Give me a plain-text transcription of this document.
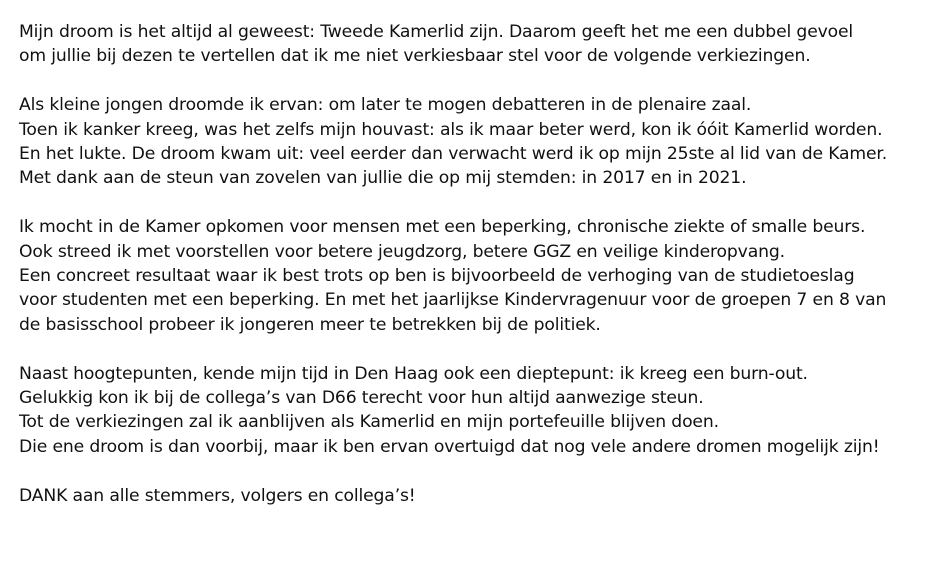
Mijn droom is het altijd al geweest: Tweede Kamerlid zijn. Daarom geeft het me een dubbel gevoel
om jullie bij dezen te vertellen dat ik me niet verkiesbaar stel voor de volgende verkiezingen.

Als kleine jongen droomde ik ervan: om later te mogen debatteren in de plenaire zaal.
Toen ik kanker kreeg, was het zelfs mijn houvast: als ik maar beter werd, kon ik óóit Kamerlid worden.
En het lukte. De droom kwam uit: veel eerder dan verwacht werd ik op mijn 25ste al lid van de Kamer.
Met dank aan de steun van zovelen van jullie die op mij stemden: in 2017 en in 2021.

Ik mocht in de Kamer opkomen voor mensen met een beperking, chronische ziekte of smalle beurs.
Ook streed ik met voorstellen voor betere jeugdzorg, betere GGZ en veilige kinderopvang.
Een concreet resultaat waar ik best trots op ben is bijvoorbeeld de verhoging van de studietoeslag
voor studenten met een beperking. En met het jaarlijkse Kindervragenuur voor de groepen 7 en 8 van
de basisschool probeer ik jongeren meer te betrekken bij de politiek.

Naast hoogtepunten, kende mijn tijd in Den Haag ook een dieptepunt: ik kreeg een burn-out.
Gelukkig kon ik bij de collega’s van D66 terecht voor hun altijd aanwezige steun.
Tot de verkiezingen zal ik aanblijven als Kamerlid en mijn portefeuille blijven doen.
Die ene droom is dan voorbij, maar ik ben ervan overtuigd dat nog vele andere dromen mogelijk zijn!

DANK aan alle stemmers, volgers en collega’s!
